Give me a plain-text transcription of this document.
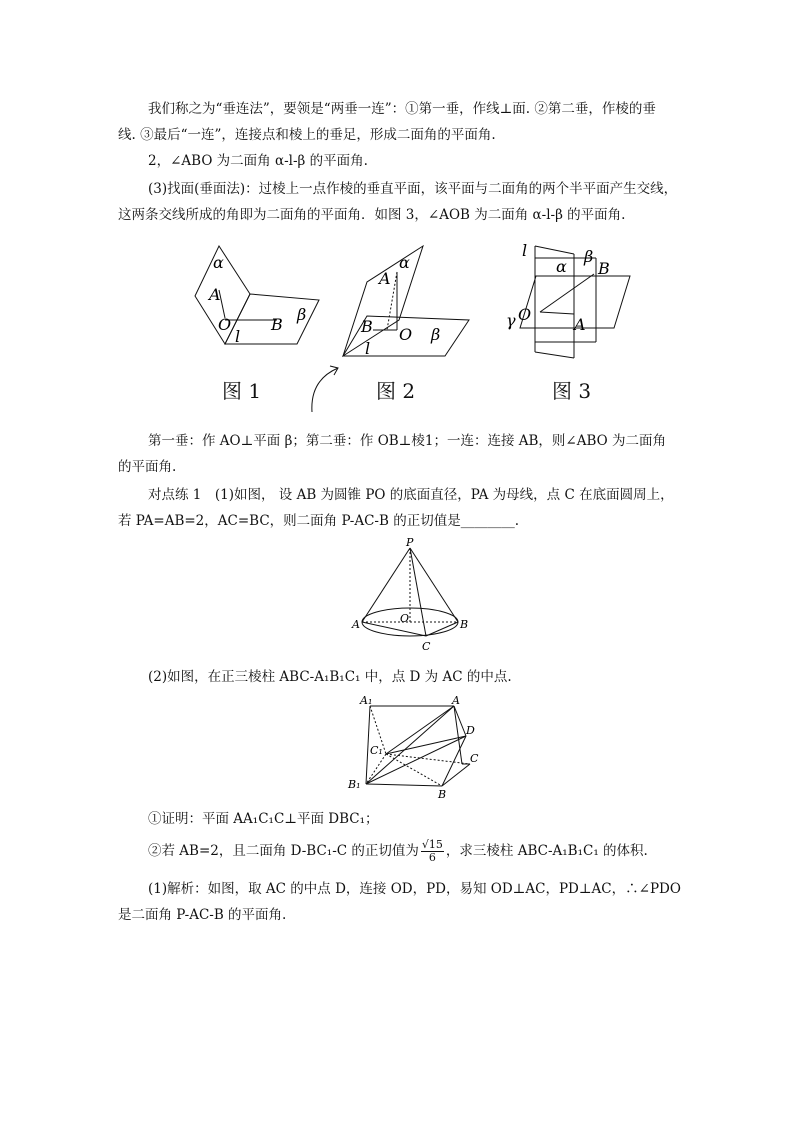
我们称之为“垂连法”，要领是“两垂一连”：①第一垂，作线⊥面. ②第二垂，作棱的垂
线. ③最后“一连”，连接点和棱上的垂足，形成二面角的平面角.
2，∠ABO 为二面角 α-l-β 的平面角.
(3)找面(垂面法)：过棱上一点作棱的垂直平面，该平面与二面角的两个半平面产生交线，
这两条交线所成的角即为二面角的平面角．如图 3，∠AOB 为二面角 α-l-β 的平面角.
α
A
O B
β
l
图 1
α
A
B O β
l
图 2
l	β
α B
γ O
A
图 3
第一垂：作 AO⊥平面 β；第二垂：作 OB⊥棱1；一连：连接 AB，则∠ABO 为二面角
的平面角.
对点练 1　(1)如图， 设 AB 为圆锥 PO 的底面直径，PA 为母线，点 C 在底面圆周上，
若 PA=AB=2，AC=BC，则二面角 P-AC-B 的正切值是________.
P
O
A	B
C
(2)如图，在正三棱柱 ABC-A₁B₁C₁ 中，点 D 为 AC 的中点.
A₁	A
D
C₁
C
B₁
B
①证明：平面 AA₁C₁C⊥平面 DBC₁；
②若 AB=2，且二面角 D-BC₁-C 的正切值为 $\frac{√15}{6}$ ，求三棱柱 ABC-A₁B₁C₁ 的体积.
(1)解析：如图，取 AC 的中点 D，连接 OD，PD，易知 OD⊥AC，PD⊥AC，∴∠PDO
是二面角 P-AC-B 的平面角.
